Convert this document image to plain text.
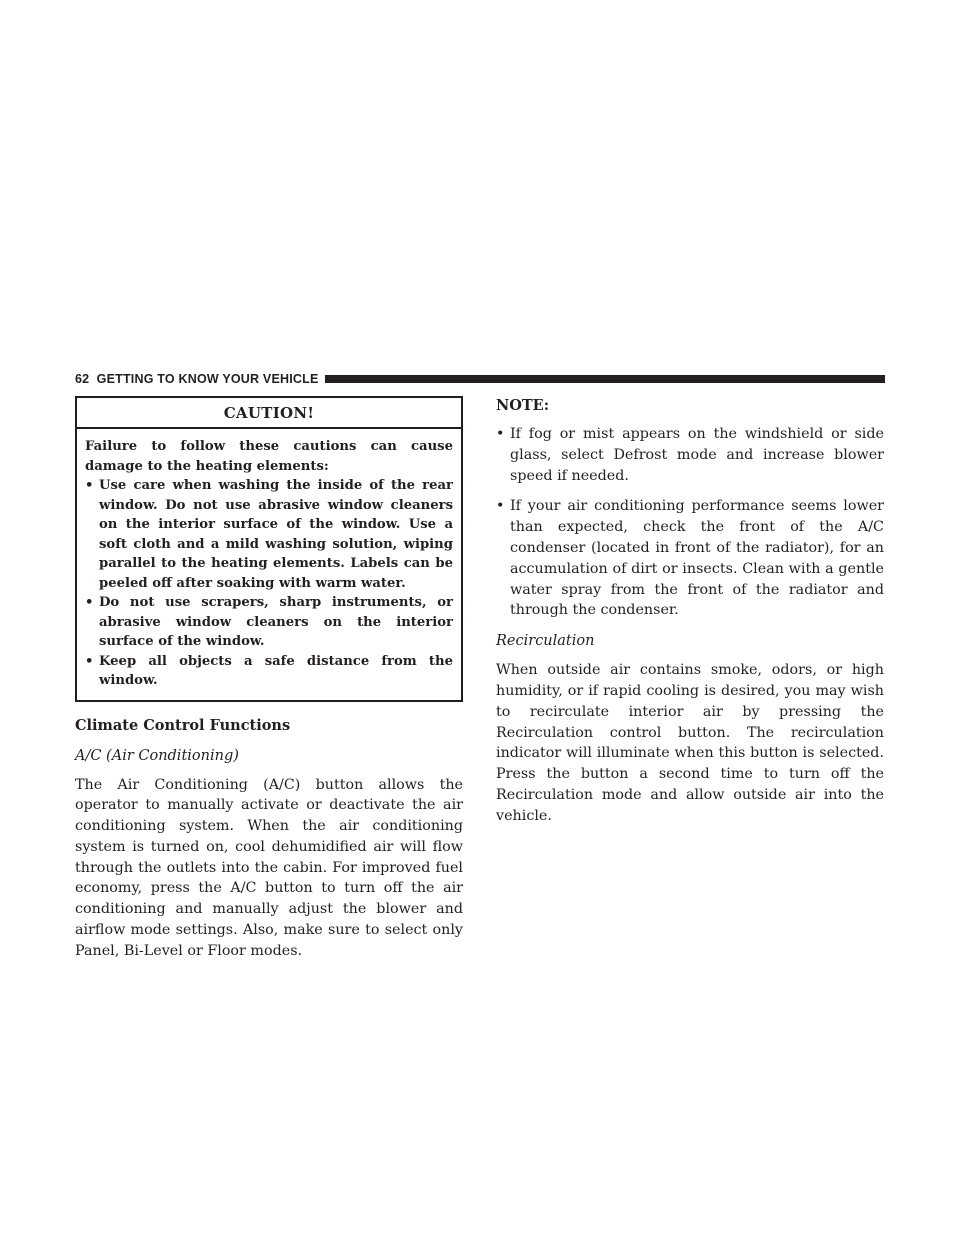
62 GETTING TO KNOW YOUR VEHICLE
CAUTION!

Failure to follow these cautions can cause damage to the heating elements:

• Use care when washing the inside of the rear window. Do not use abrasive window cleaners on the interior surface of the window. Use a soft cloth and a mild washing solution, wiping parallel to the heating elements. Labels can be peeled off after soaking with warm water.
• Do not use scrapers, sharp instruments, or abrasive window cleaners on the interior surface of the window.
• Keep all objects a safe distance from the window.
Climate Control Functions
A/C (Air Conditioning)

The Air Conditioning (A/C) button allows the operator to manually activate or deactivate the air conditioning system. When the air conditioning system is turned on, cool dehumidified air will flow through the outlets into the cabin. For improved fuel economy, press the A/C button to turn off the air conditioning and manually adjust the blower and airflow mode settings. Also, make sure to select only Panel, Bi-Level or Floor modes.

NOTE:
• If fog or mist appears on the windshield or side glass, select Defrost mode and increase blower speed if needed.
• If your air conditioning performance seems lower than expected, check the front of the A/C condenser (located in front of the radiator), for an accumulation of dirt or insects. Clean with a gentle water spray from the front of the radiator and through the condenser.
Recirculation

When outside air contains smoke, odors, or high humidity, or if rapid cooling is desired, you may wish to recirculate interior air by pressing the Recirculation control button. The recirculation indicator will illuminate when this button is selected. Press the button a second time to turn off the Recirculation mode and allow outside air into the vehicle.
